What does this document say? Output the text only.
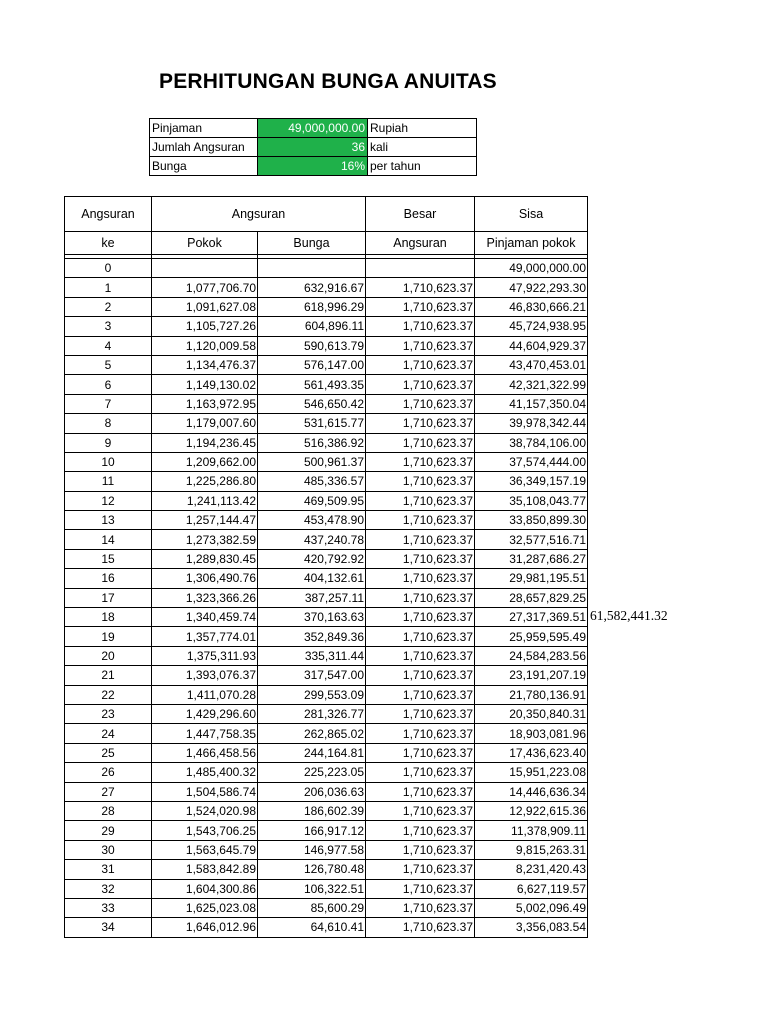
PERHITUNGAN BUNGA ANUITAS
Pinjaman	49,000,000.00	Rupiah
Jumlah Angsuran	36	kali
Bunga	16%	per tahun
Angsuran	Angsuran		Besar	Sisa
ke	Pokok	Bunga	Angsuran	Pinjaman pokok

0				49,000,000.00
1	1,077,706.70	632,916.67	1,710,623.37	47,922,293.30
2	1,091,627.08	618,996.29	1,710,623.37	46,830,666.21
3	1,105,727.26	604,896.11	1,710,623.37	45,724,938.95
4	1,120,009.58	590,613.79	1,710,623.37	44,604,929.37
5	1,134,476.37	576,147.00	1,710,623.37	43,470,453.01
6	1,149,130.02	561,493.35	1,710,623.37	42,321,322.99
7	1,163,972.95	546,650.42	1,710,623.37	41,157,350.04
8	1,179,007.60	531,615.77	1,710,623.37	39,978,342.44
9	1,194,236.45	516,386.92	1,710,623.37	38,784,106.00
10	1,209,662.00	500,961.37	1,710,623.37	37,574,444.00
11	1,225,286.80	485,336.57	1,710,623.37	36,349,157.19
12	1,241,113.42	469,509.95	1,710,623.37	35,108,043.77
13	1,257,144.47	453,478.90	1,710,623.37	33,850,899.30
14	1,273,382.59	437,240.78	1,710,623.37	32,577,516.71
15	1,289,830.45	420,792.92	1,710,623.37	31,287,686.27
16	1,306,490.76	404,132.61	1,710,623.37	29,981,195.51
17	1,323,366.26	387,257.11	1,710,623.37	28,657,829.25
18	1,340,459.74	370,163.63	1,710,623.37	27,317,369.51
19	1,357,774.01	352,849.36	1,710,623.37	25,959,595.49
20	1,375,311.93	335,311.44	1,710,623.37	24,584,283.56
21	1,393,076.37	317,547.00	1,710,623.37	23,191,207.19
22	1,411,070.28	299,553.09	1,710,623.37	21,780,136.91
23	1,429,296.60	281,326.77	1,710,623.37	20,350,840.31
24	1,447,758.35	262,865.02	1,710,623.37	18,903,081.96
25	1,466,458.56	244,164.81	1,710,623.37	17,436,623.40
26	1,485,400.32	225,223.05	1,710,623.37	15,951,223.08
27	1,504,586.74	206,036.63	1,710,623.37	14,446,636.34
28	1,524,020.98	186,602.39	1,710,623.37	12,922,615.36
29	1,543,706.25	166,917.12	1,710,623.37	11,378,909.11
30	1,563,645.79	146,977.58	1,710,623.37	9,815,263.31
31	1,583,842.89	126,780.48	1,710,623.37	8,231,420.43
32	1,604,300.86	106,322.51	1,710,623.37	6,627,119.57
33	1,625,023.08	85,600.29	1,710,623.37	5,002,096.49
34	1,646,012.96	64,610.41	1,710,623.37	3,356,083.54
61,582,441.32
